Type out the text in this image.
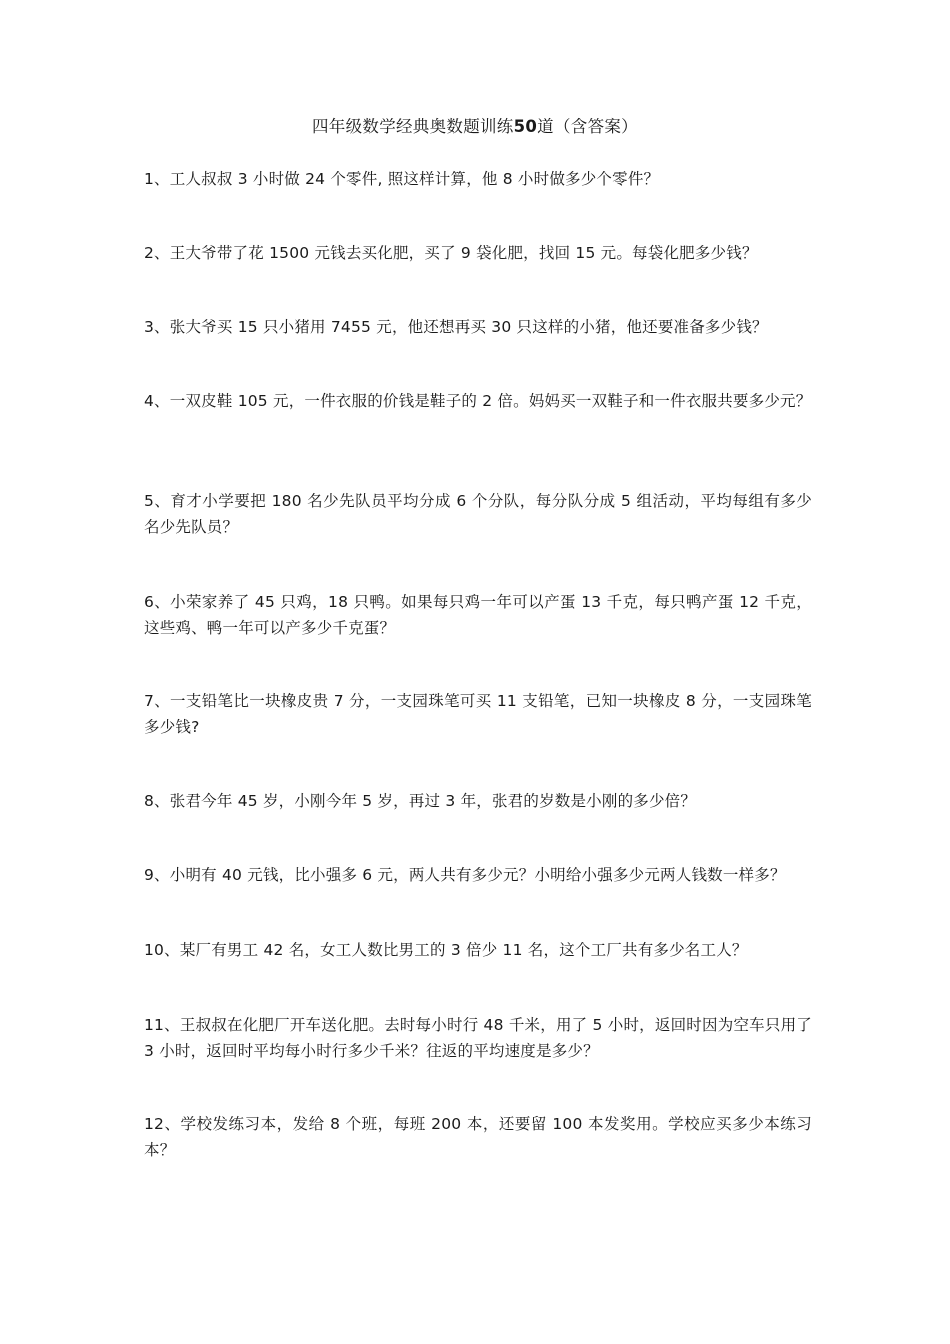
四年级数学经典奥数题训练50道（含答案）
1、工人叔叔 3 小时做 24 个零件, 照这样计算，他 8 小时做多少个零件？
2、王大爷带了花 1500 元钱去买化肥，买了 9 袋化肥，找回 15 元。每袋化肥多少钱？
3、张大爷买 15 只小猪用 7455 元，他还想再买 30 只这样的小猪，他还要准备多少钱？
4、一双皮鞋 105 元，一件衣服的价钱是鞋子的 2 倍。妈妈买一双鞋子和一件衣服共要多少元？
5、育才小学要把 180 名少先队员平均分成 6 个分队，每分队分成 5 组活动，平均每组有多少名少先队员？
6、小荣家养了 45 只鸡，18 只鸭。如果每只鸡一年可以产蛋 13 千克，每只鸭产蛋 12 千克，这些鸡、鸭一年可以产多少千克蛋？
7、一支铅笔比一块橡皮贵 7 分，一支园珠笔可买 11 支铅笔，已知一块橡皮 8 分，一支园珠笔多少钱?
8、张君今年 45 岁，小刚今年 5 岁，再过 3 年，张君的岁数是小刚的多少倍？
9、小明有 40 元钱，比小强多 6 元，两人共有多少元？小明给小强多少元两人钱数一样多？
10、某厂有男工 42 名，女工人数比男工的 3 倍少 11 名，这个工厂共有多少名工人？
11、王叔叔在化肥厂开车送化肥。去时每小时行 48 千米，用了 5 小时，返回时因为空车只用了 3 小时，返回时平均每小时行多少千米？往返的平均速度是多少？
12、学校发练习本，发给 8 个班，每班 200 本，还要留 100 本发奖用。学校应买多少本练习本？
